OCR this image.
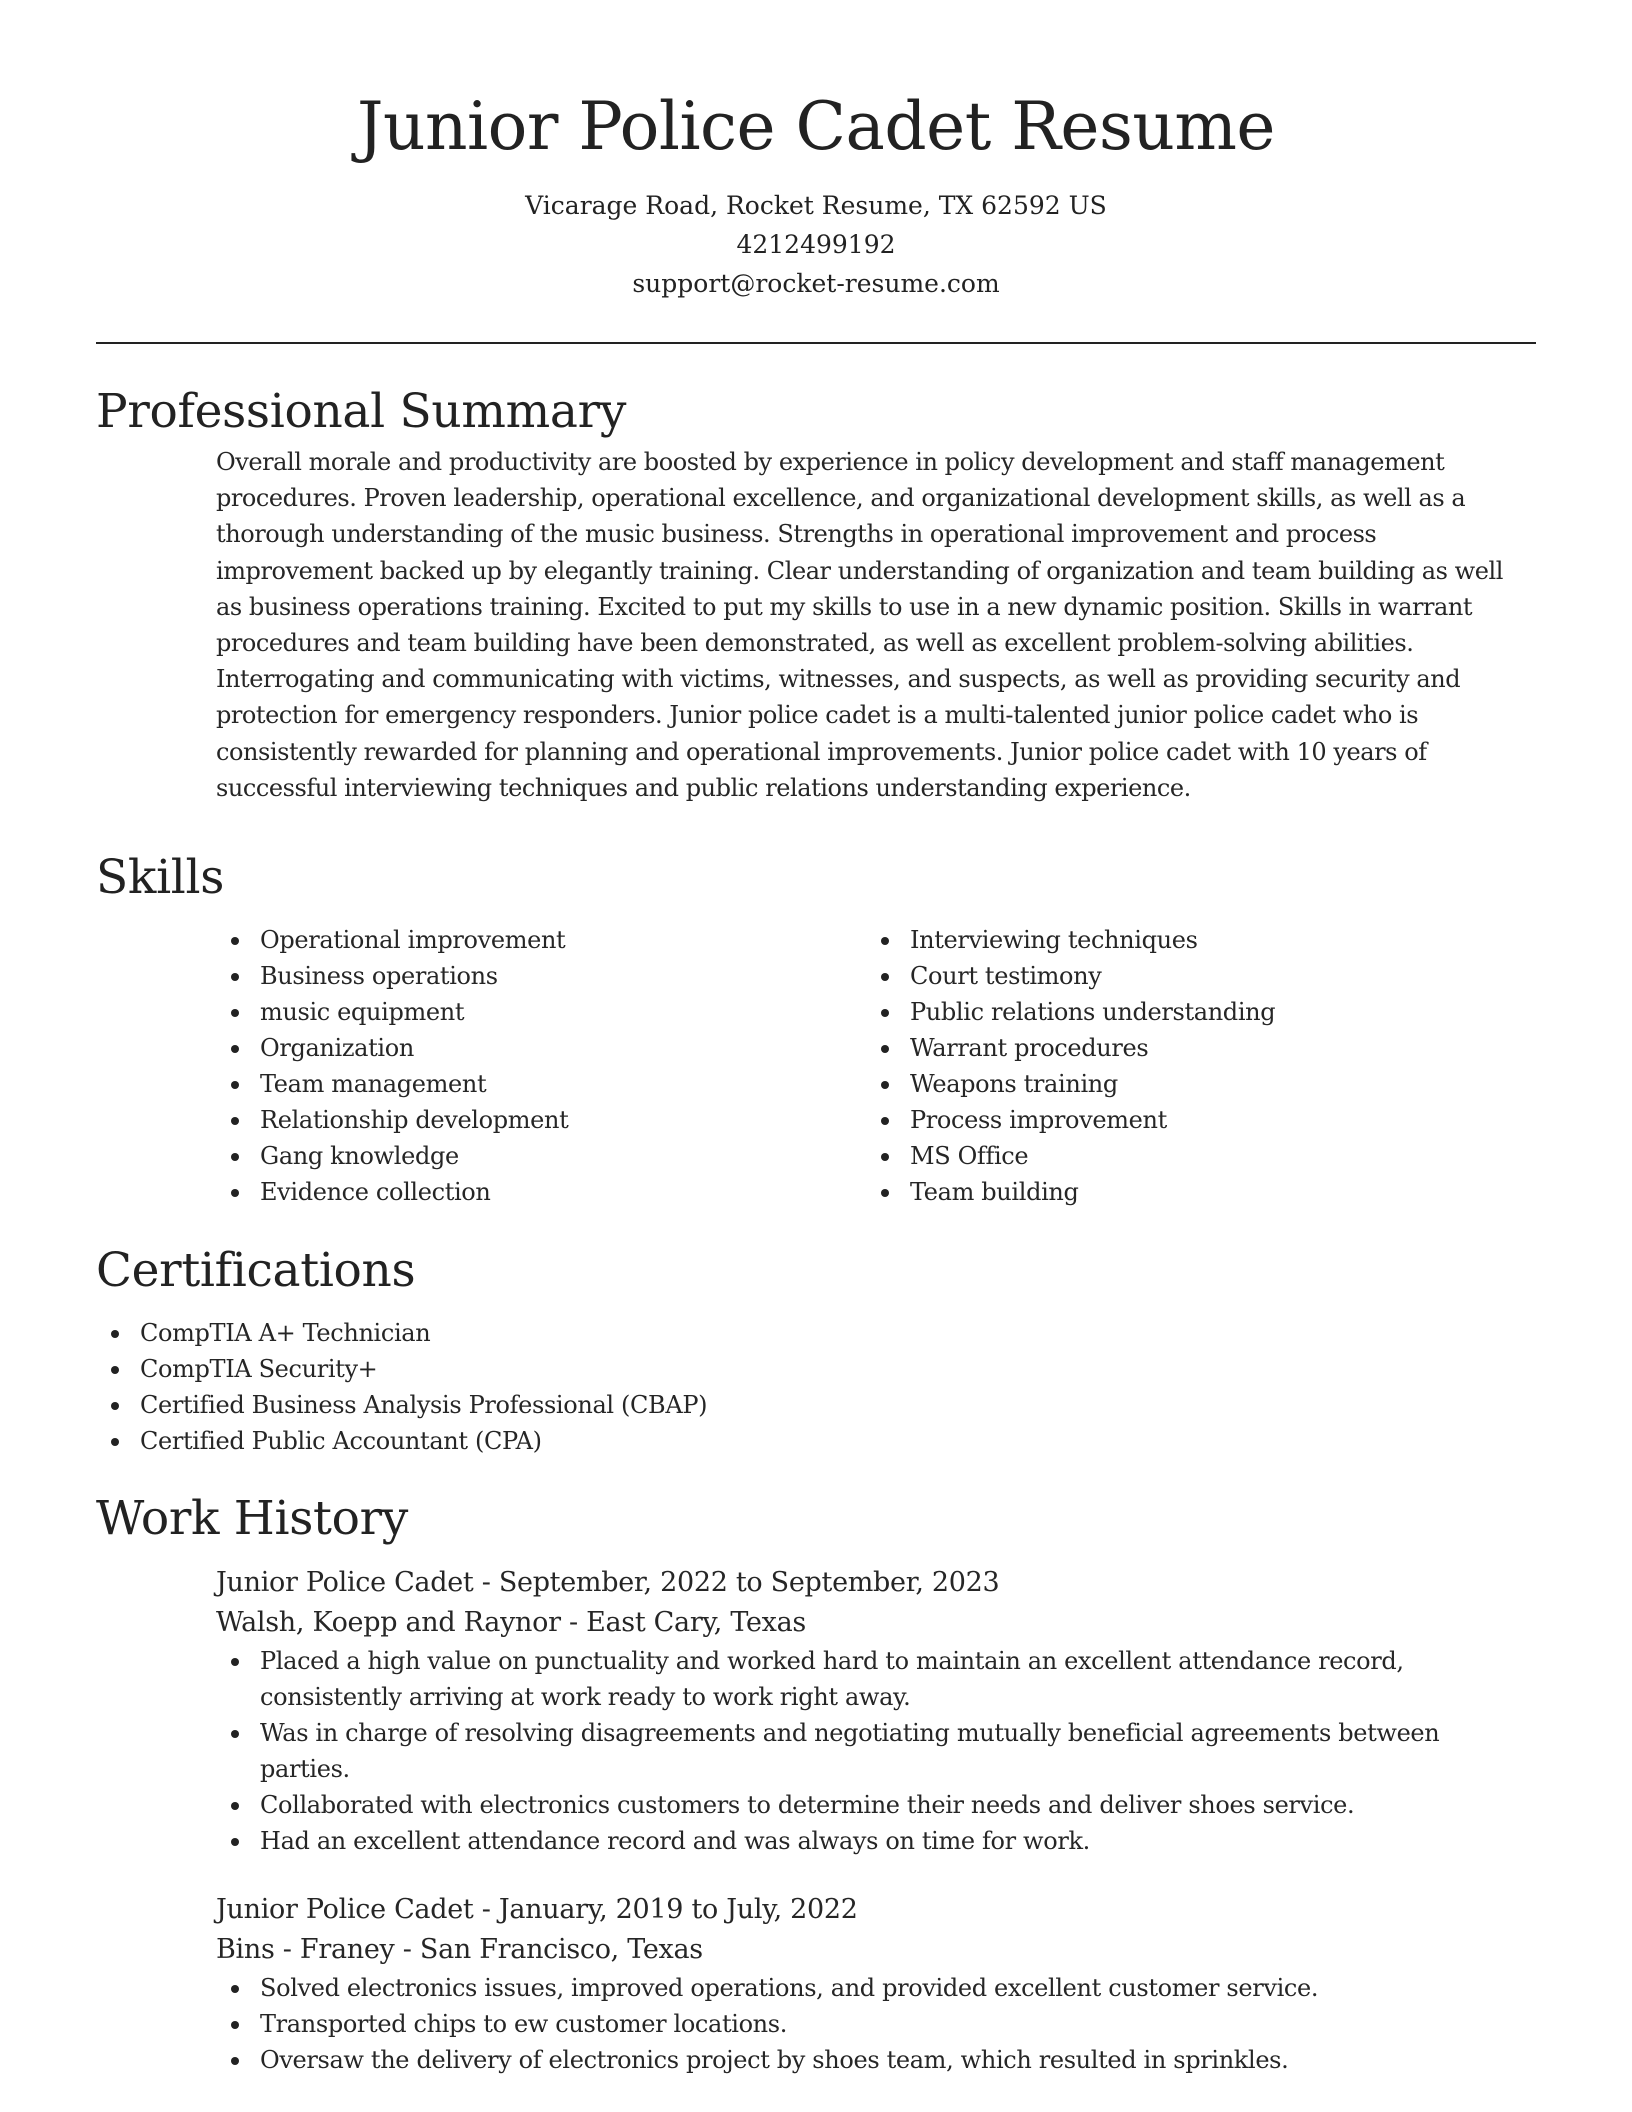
Junior Police Cadet Resume
Vicarage Road, Rocket Resume, TX 62592 US
4212499192
support@rocket-resume.com
Professional Summary

Overall morale and productivity are boosted by experience in policy development and staff management procedures. Proven leadership, operational excellence, and organizational development skills, as well as a thorough understanding of the music business. Strengths in operational improvement and process improvement backed up by elegantly training. Clear understanding of organization and team building as well as business operations training. Excited to put my skills to use in a new dynamic position. Skills in warrant procedures and team building have been demonstrated, as well as excellent problem-solving abilities. Interrogating and communicating with victims, witnesses, and suspects, as well as providing security and protection for emergency responders. Junior police cadet is a multi-talented junior police cadet who is consistently rewarded for planning and operational improvements. Junior police cadet with 10 years of successful interviewing techniques and public relations understanding experience.

Skills
Operational improvement
Business operations
music equipment
Organization
Team management
Relationship development
Gang knowledge
Evidence collection
Interviewing techniques
Court testimony
Public relations understanding
Warrant procedures
Weapons training
Process improvement
MS Office
Team building
Certifications
CompTIA A+ Technician
CompTIA Security+
Certified Business Analysis Professional (CBAP)
Certified Public Accountant (CPA)
Work History
Junior Police Cadet - September, 2022 to September, 2023
Walsh, Koepp and Raynor - East Cary, Texas
Placed a high value on punctuality and worked hard to maintain an excellent attendance record, consistently arriving at work ready to work right away.
Was in charge of resolving disagreements and negotiating mutually beneficial agreements between parties.
Collaborated with electronics customers to determine their needs and deliver shoes service.
Had an excellent attendance record and was always on time for work.
Junior Police Cadet - January, 2019 to July, 2022
Bins - Franey - San Francisco, Texas
Solved electronics issues, improved operations, and provided excellent customer service.
Transported chips to ew customer locations.
Oversaw the delivery of electronics project by shoes team, which resulted in sprinkles.
